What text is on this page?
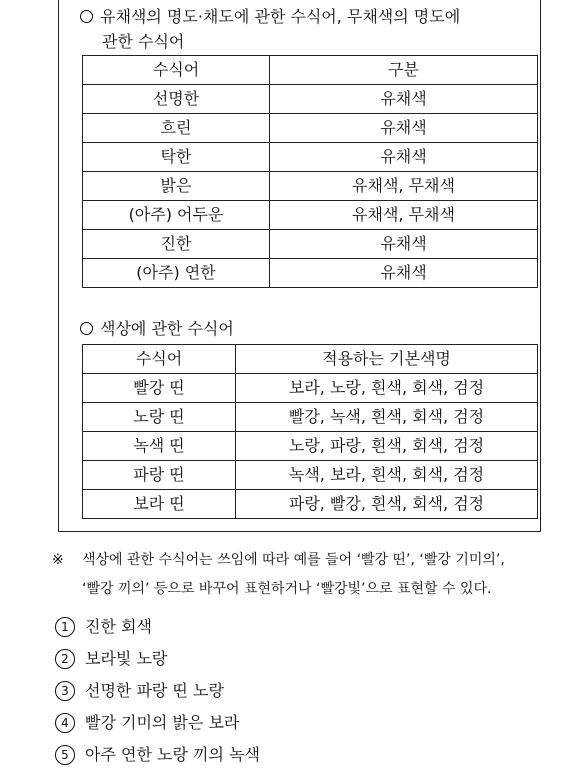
유채색의 명도·채도에 관한 수식어, 무채색의 명도에
관한 수식어
수식어	구분
선명한	유채색
흐린	유채색
탁한	유채색
밝은	유채색, 무채색
(아주) 어두운	유채색, 무채색
진한	유채색
(아주) 연한	유채색
색상에 관한 수식어
수식어	적용하는 기본색명
빨강 띤	보라, 노랑, 흰색, 회색, 검정
노랑 띤	빨강, 녹색, 흰색, 회색, 검정
녹색 띤	노랑, 파랑, 흰색, 회색, 검정
파랑 띤	녹색, 보라, 흰색, 회색, 검정
보라 띤	파랑, 빨강, 흰색, 회색, 검정
※ 색상에 관한 수식어는 쓰임에 따라 예를 들어 ‘빨강 띤’, ‘빨강 기미의’,
‘빨강 끼의’ 등으로 바꾸어 표현하거나 ‘빨강빛’으로 표현할 수 있다.
1 진한 회색
2 보라빛 노랑
3 선명한 파랑 띤 노랑
4 빨강 기미의 밝은 보라
5 아주 연한 노랑 끼의 녹색
